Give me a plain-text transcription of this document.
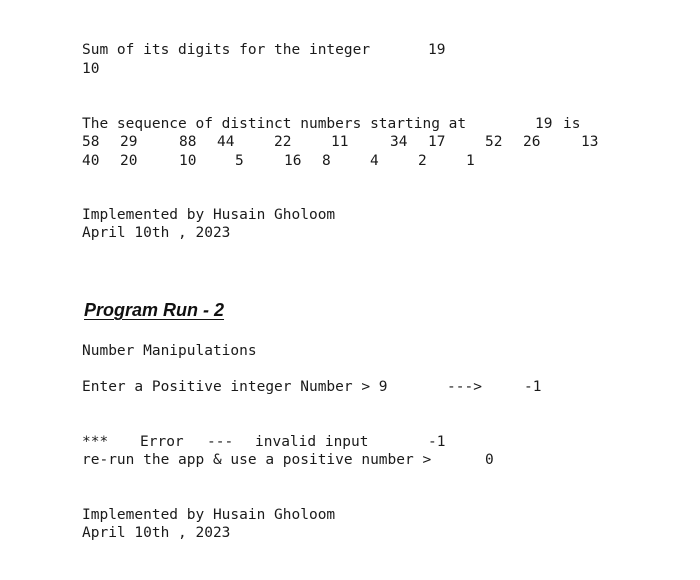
Sum of its digits for the integer	19
10
The sequence of distinct numbers starting at	19 is
58 29	88 44	22	11	34 17	52 26	13
40 20	10	5	16 8	4	2	1
Implemented by Husain Gholoom
April 10th , 2023
Program Run - 2
Number Manipulations
Enter a Positive integer Number > 9	--->	-1
*** Error --- invalid input	-1
re-run the app & use a positive number >	0
Implemented by Husain Gholoom
April 10th , 2023
